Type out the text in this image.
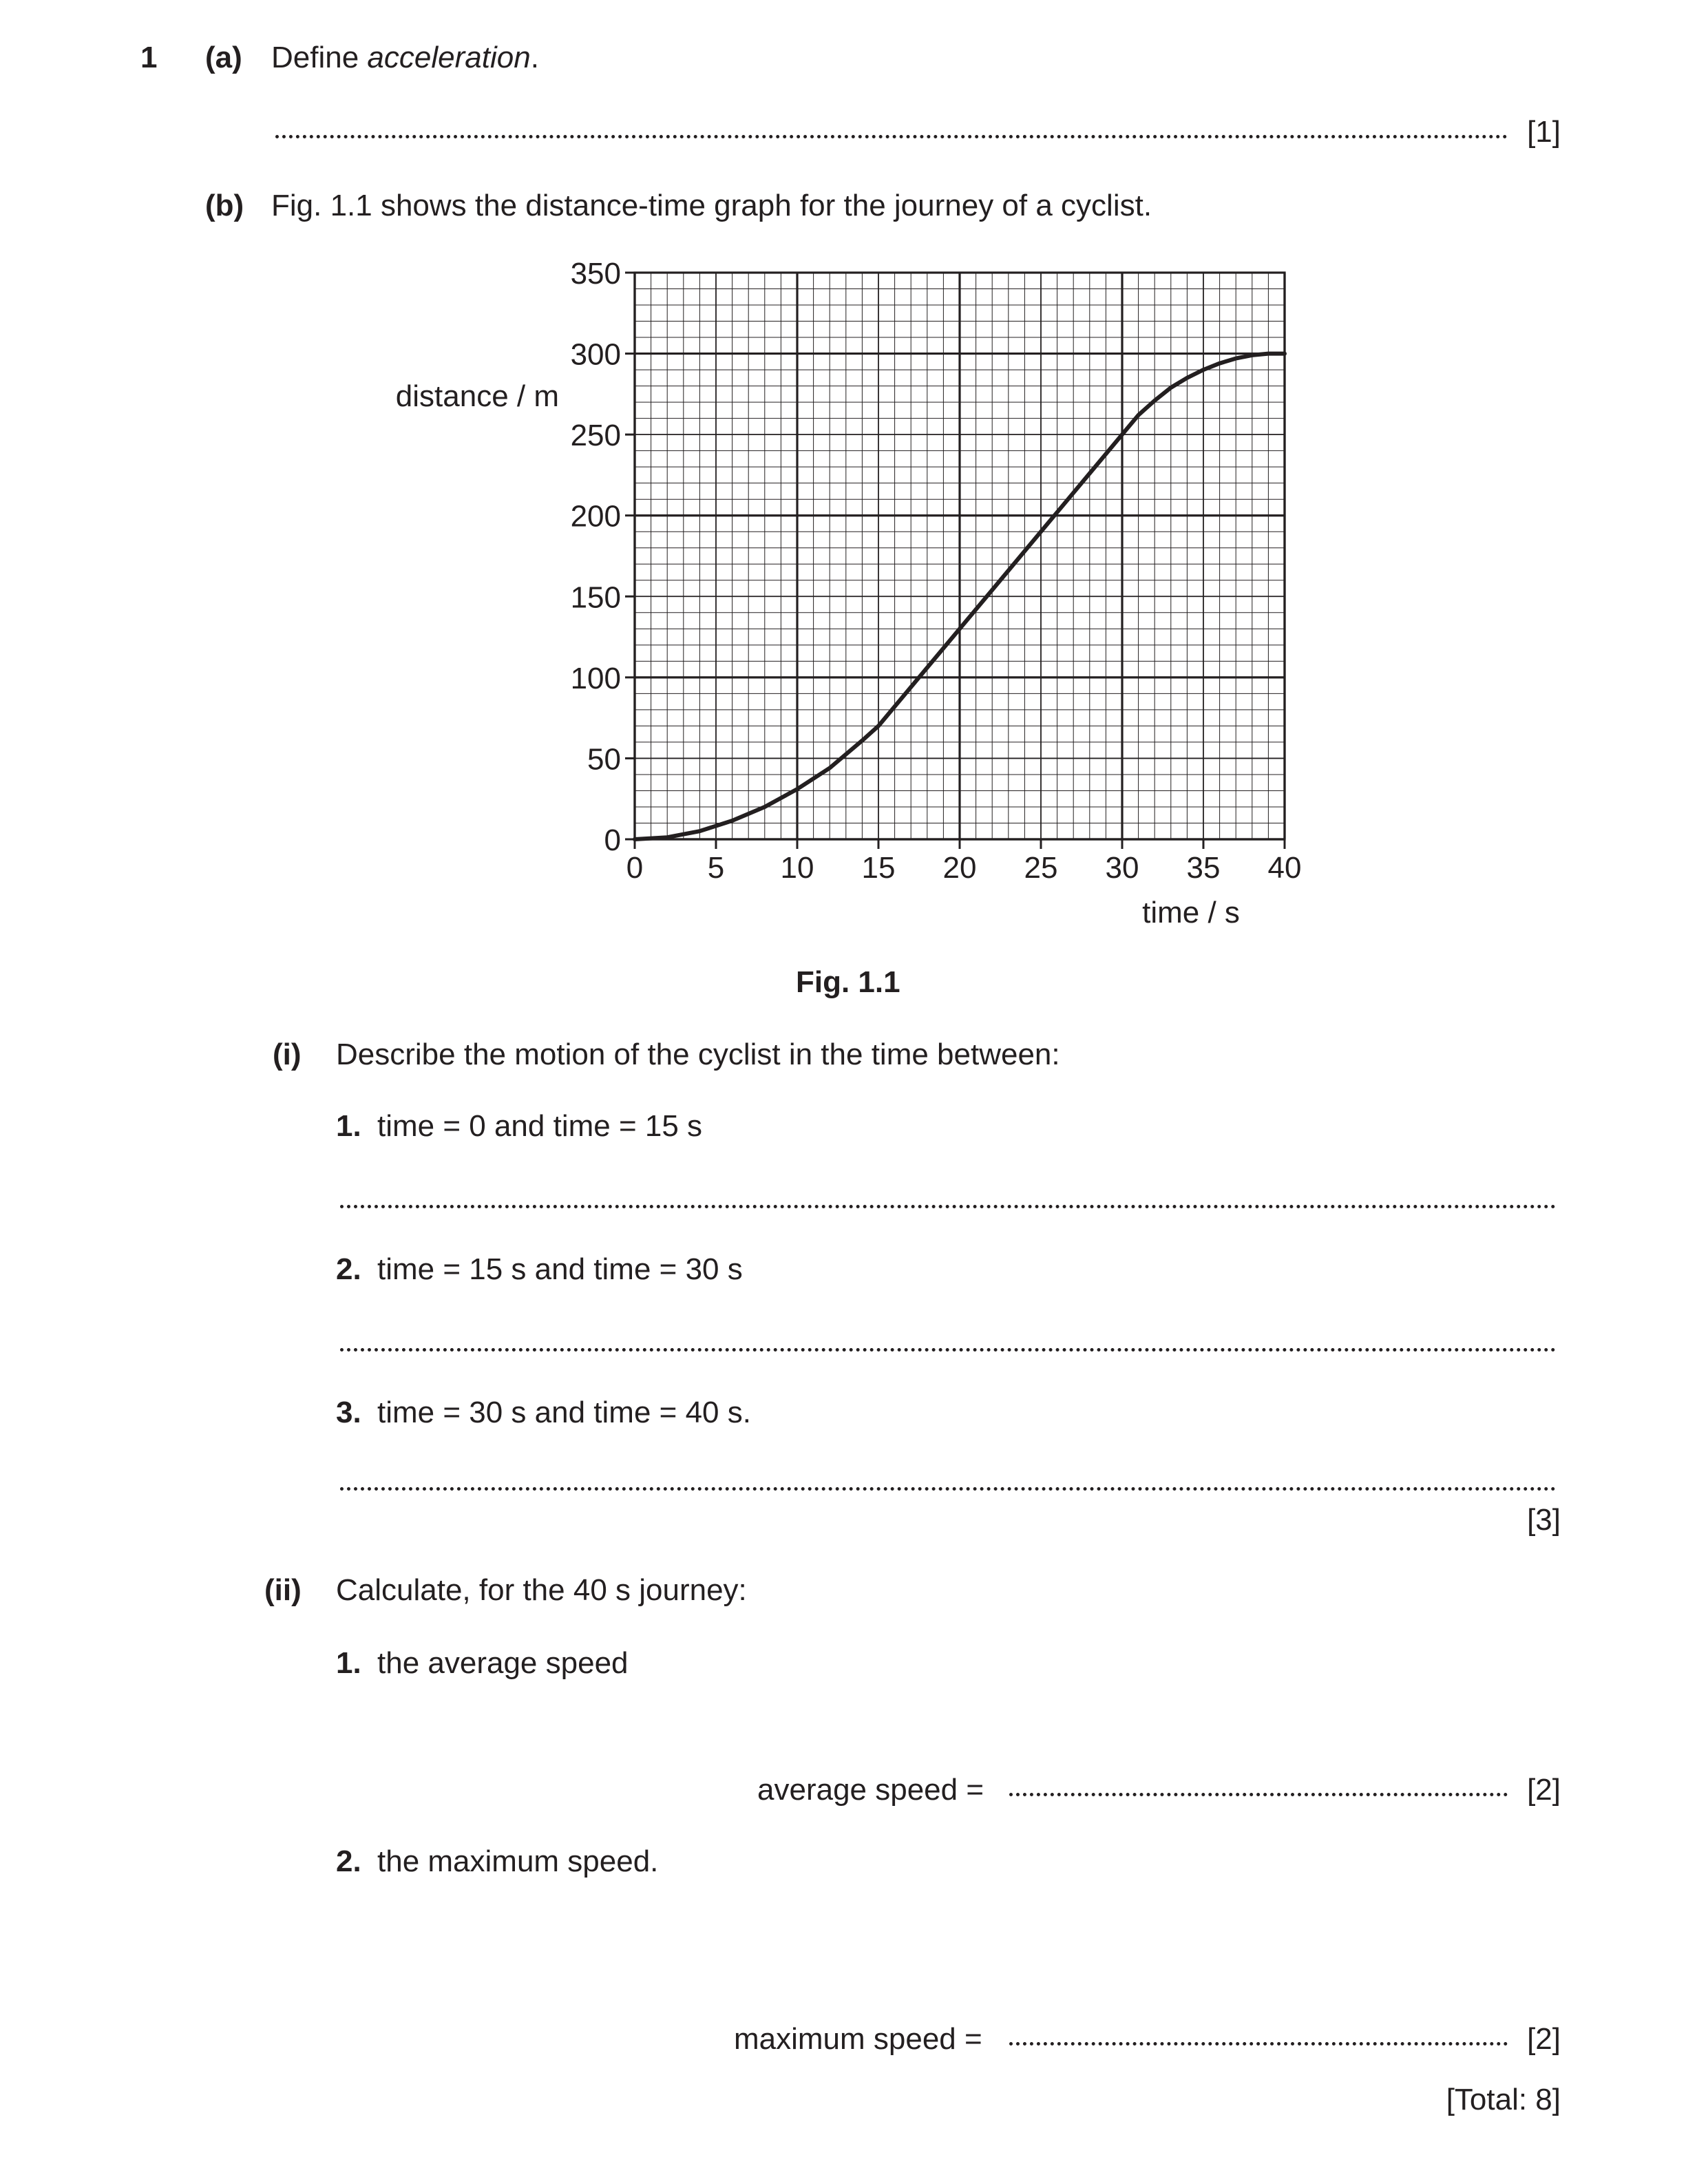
1 (a) Define acceleration.
[1]
(b) Fig. 1.1 shows the distance-time graph for the journey of a cyclist.
0 5 10 15 20 25 30 35 40
0
50
100
150
200
250
300
350
time / s
distance / m
Fig. 1.1
(i) Describe the motion of the cyclist in the time between:
1. time = 0 and time = 15 s
2. time = 15 s and time = 30 s
3. time = 30 s and time = 40 s.
[3]
(ii) Calculate, for the 40 s journey:
1. the average speed
average speed =	[2]
2. the maximum speed.
maximum speed =	[2]
[Total: 8]
